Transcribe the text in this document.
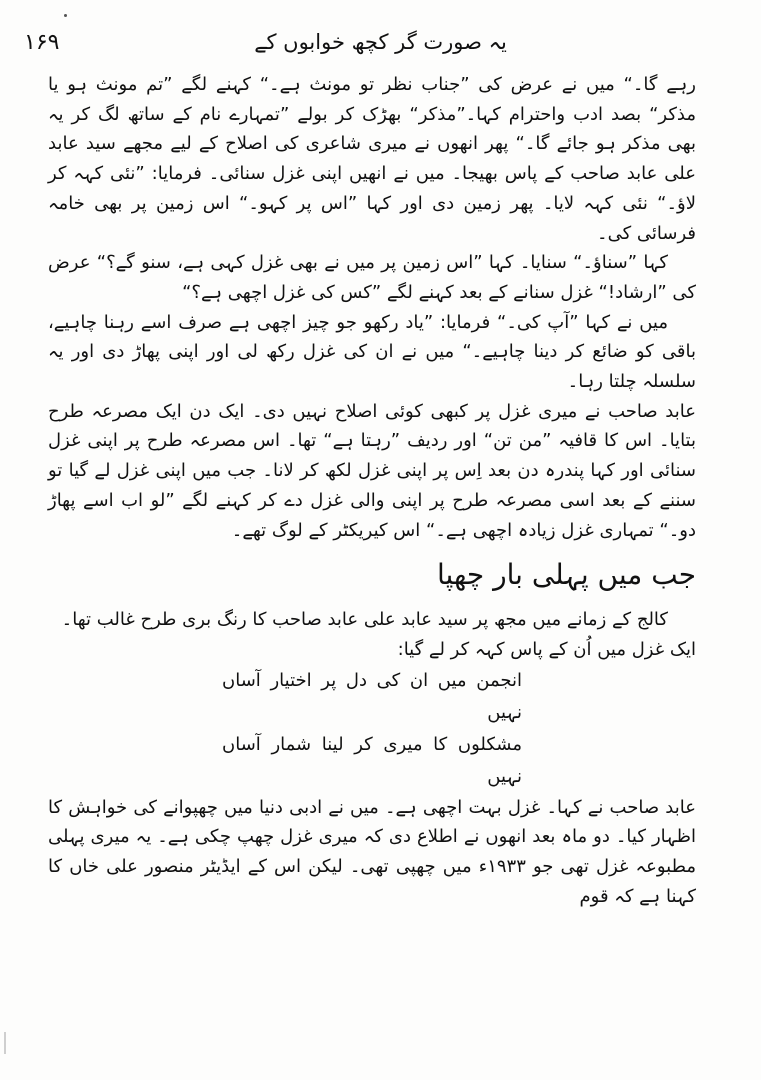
۱۶۹	یہ صورت گر کچھ خوابوں کے

رہے گا۔“ میں نے عرض کی ”جناب نظر تو مونث ہے۔“ کہنے لگے ”تم مونث ہو یا مذکر“ بصد ادب واحترام کہا۔”مذکر“ بھڑک کر بولے ”تمہارے نام کے ساتھ لگ کر یہ بھی مذکر ہو جائے گا۔“ پھر انھوں نے میری شاعری کی اصلاح کے لیے مجھے سید عابد علی عابد صاحب کے پاس بھیجا۔ میں نے انھیں اپنی غزل سنائی۔ فرمایا: ”نئی کہہ کر لاؤ۔“ نئی کہہ لایا۔ پھر زمین دی اور کہا ”اس پر کہو۔“ اس زمین پر بھی خامہ فرسائی کی۔

کہا ”سناؤ۔“ سنایا۔ کہا ”اس زمین پر میں نے بھی غزل کہی ہے، سنو گے؟“ عرض کی ”ارشاد!“ غزل سنانے کے بعد کہنے لگے ”کس کی غزل اچھی ہے؟“

میں نے کہا ”آپ کی۔“ فرمایا: ”یاد رکھو جو چیز اچھی ہے صرف اسے رہنا چاہیے، باقی کو ضائع کر دینا چاہیے۔“ میں نے ان کی غزل رکھ لی اور اپنی پھاڑ دی اور یہ سلسلہ چلتا رہا۔

عابد صاحب نے میری غزل پر کبھی کوئی اصلاح نہیں دی۔ ایک دن ایک مصرعہ طرح بتایا۔ اس کا قافیہ ”من تن“ اور ردیف ”رہتا ہے“ تھا۔ اس مصرعہ طرح پر اپنی غزل سنائی اور کہا پندرہ دن بعد اِس پر اپنی غزل لکھ کر لانا۔ جب میں اپنی غزل لے گیا تو سننے کے بعد اسی مصرعہ طرح پر اپنی والی غزل دے کر کہنے لگے ”لو اب اسے پھاڑ دو۔“ تمہاری غزل زیادہ اچھی ہے۔“ اس کیریکٹر کے لوگ تھے۔

جب میں پہلی بار چھپا

کالج کے زمانے میں مجھ پر سید عابد علی عابد صاحب کا رنگ بری طرح غالب تھا۔

ایک غزل میں اُن کے پاس کہہ کر لے گیا:

انجمن میں ان کی دل پر اختیار آساں نہیں

مشکلوں کا میری کر لینا شمار آساں نہیں

عابد صاحب نے کہا۔ غزل بہت اچھی ہے۔ میں نے ادبی دنیا میں چھپوانے کی خواہش کا اظہار کیا۔ دو ماہ بعد انھوں نے اطلاع دی کہ میری غزل چھپ چکی ہے۔ یہ میری پہلی مطبوعہ غزل تھی جو ۱۹۳۳ء میں چھپی تھی۔ لیکن اس کے ایڈیٹر منصور علی خاں کا کہنا ہے کہ قوم
